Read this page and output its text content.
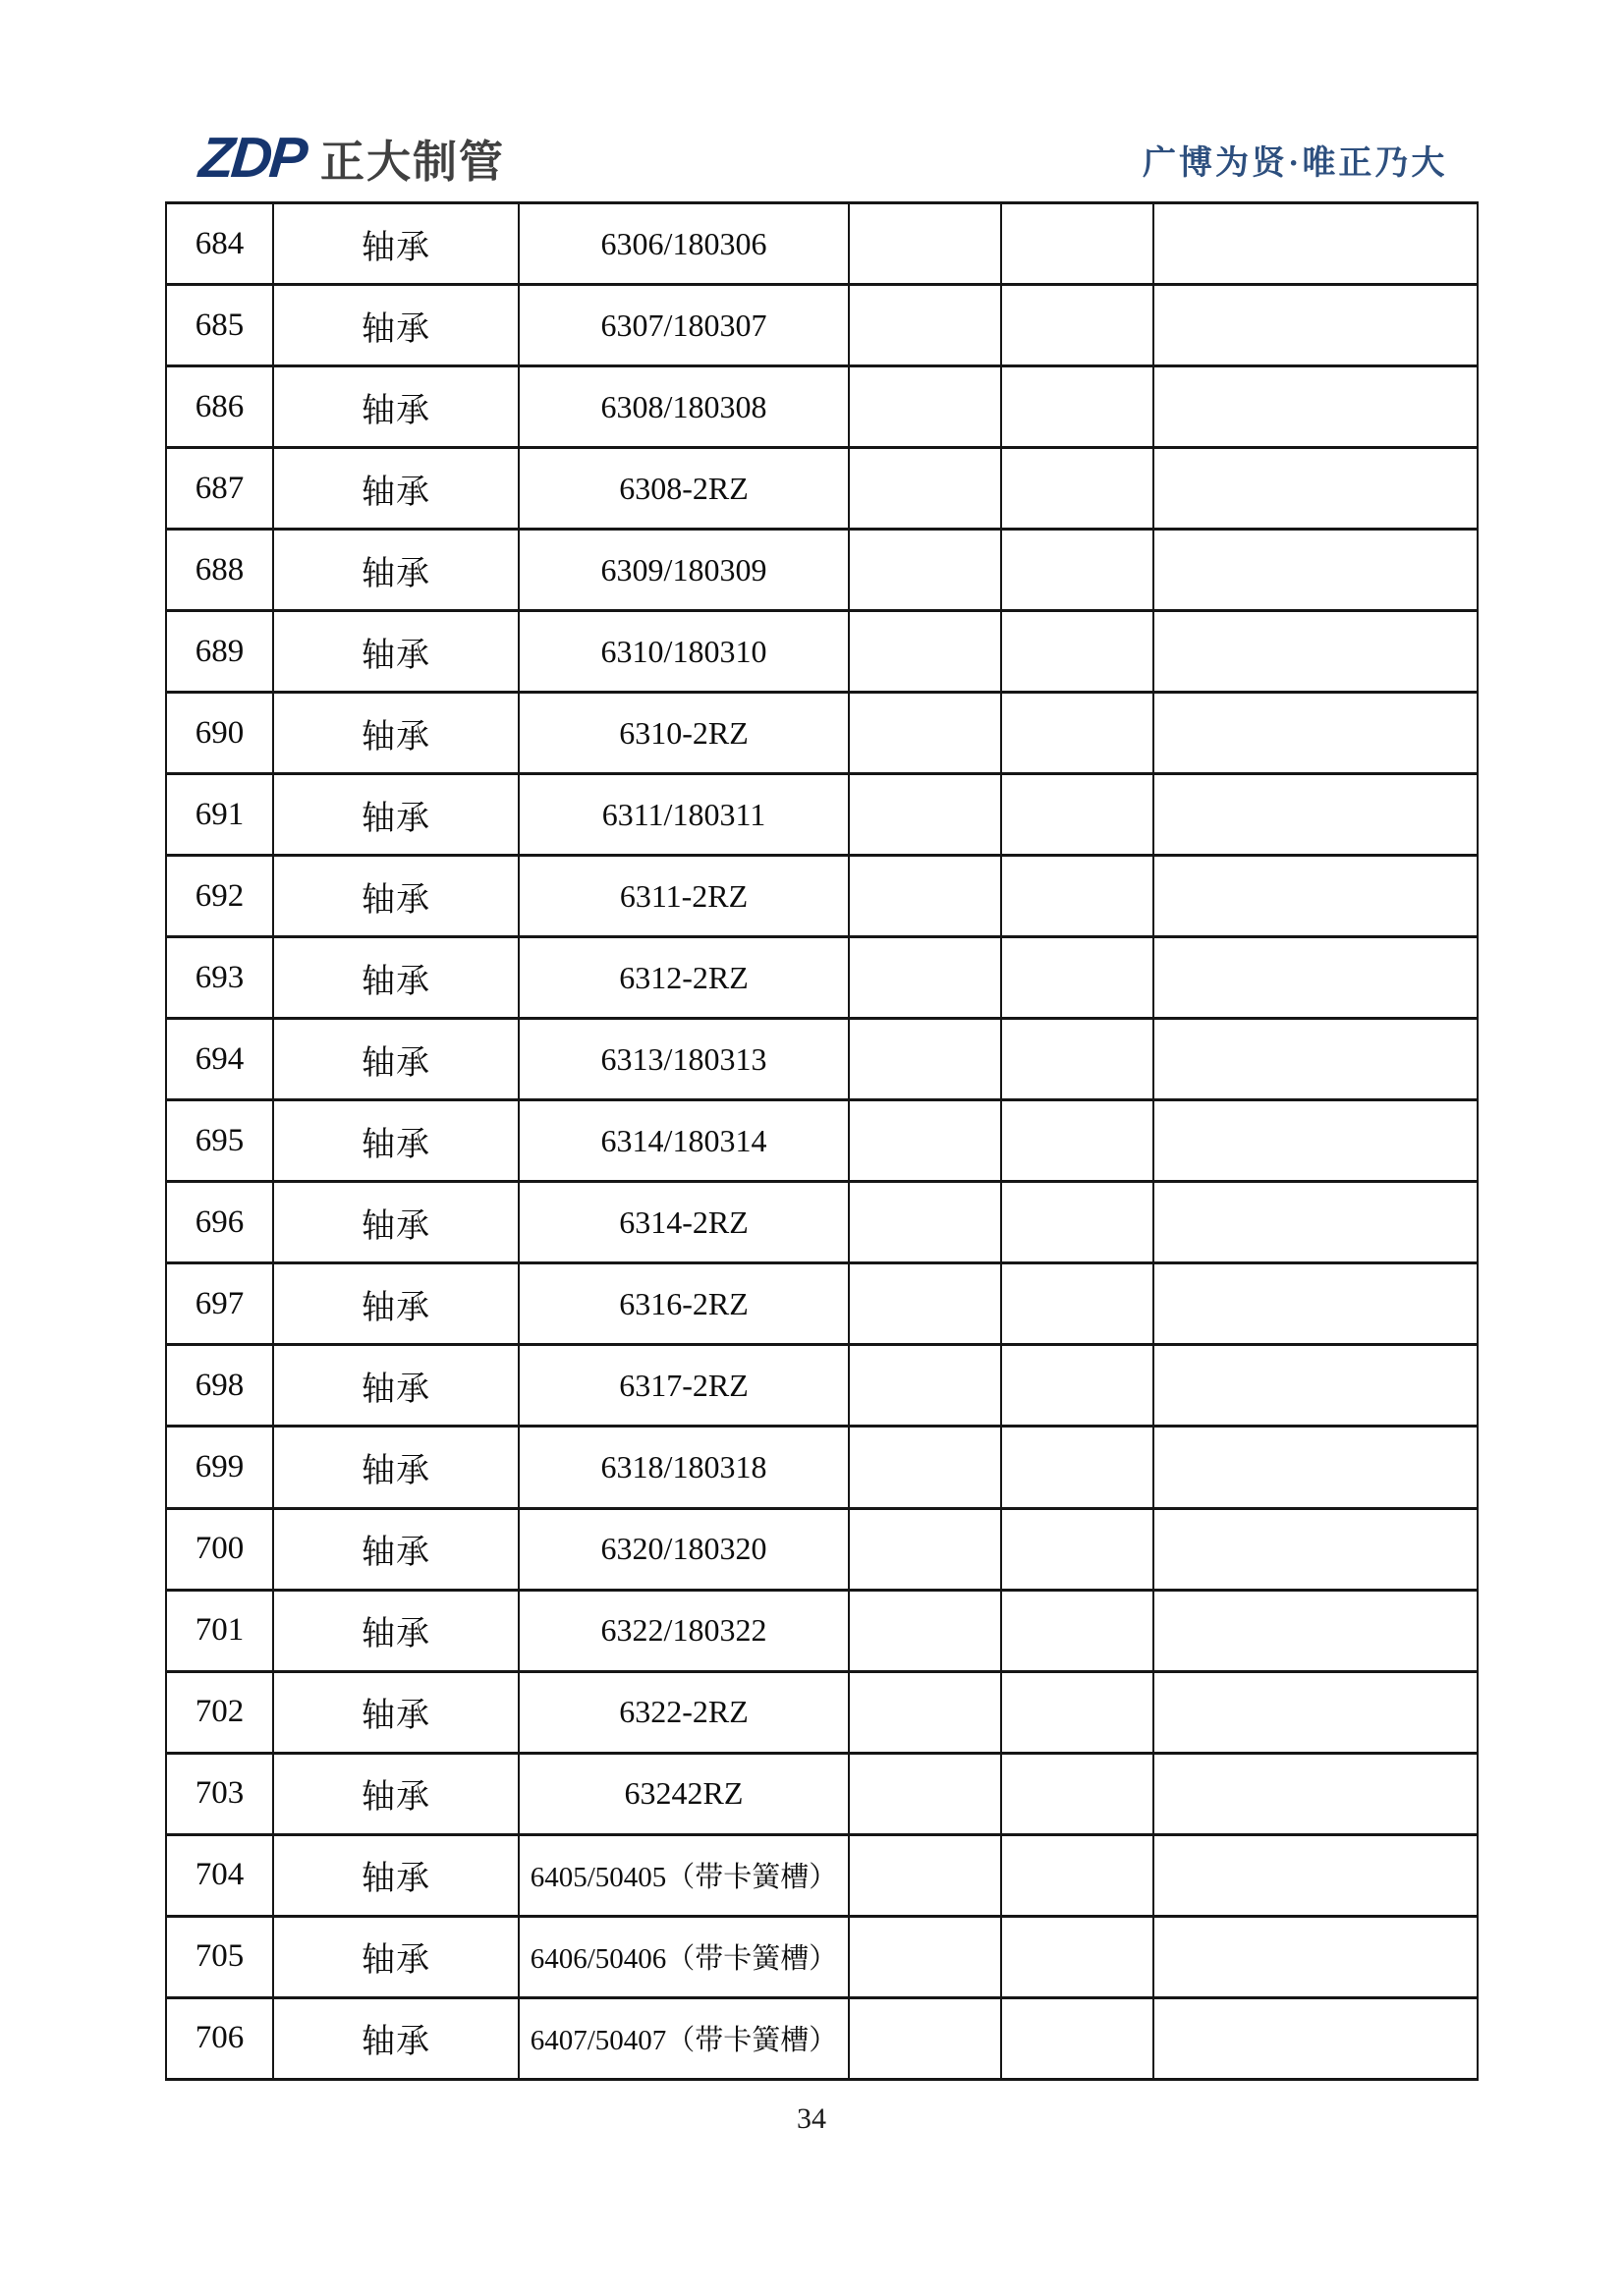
ZDP 正大制管	广博为贤·唯正乃大
684	轴承	6306/180306			
685	轴承	6307/180307			
686	轴承	6308/180308			
687	轴承	6308-2RZ			
688	轴承	6309/180309			
689	轴承	6310/180310			
690	轴承	6310-2RZ			
691	轴承	6311/180311			
692	轴承	6311-2RZ			
693	轴承	6312-2RZ			
694	轴承	6313/180313			
695	轴承	6314/180314			
696	轴承	6314-2RZ			
697	轴承	6316-2RZ			
698	轴承	6317-2RZ			
699	轴承	6318/180318			
700	轴承	6320/180320			
701	轴承	6322/180322			
702	轴承	6322-2RZ			
703	轴承	63242RZ			
704	轴承	6405/50405（带卡簧槽）			
705	轴承	6406/50406（带卡簧槽）			
706	轴承	6407/50407（带卡簧槽）			
34
